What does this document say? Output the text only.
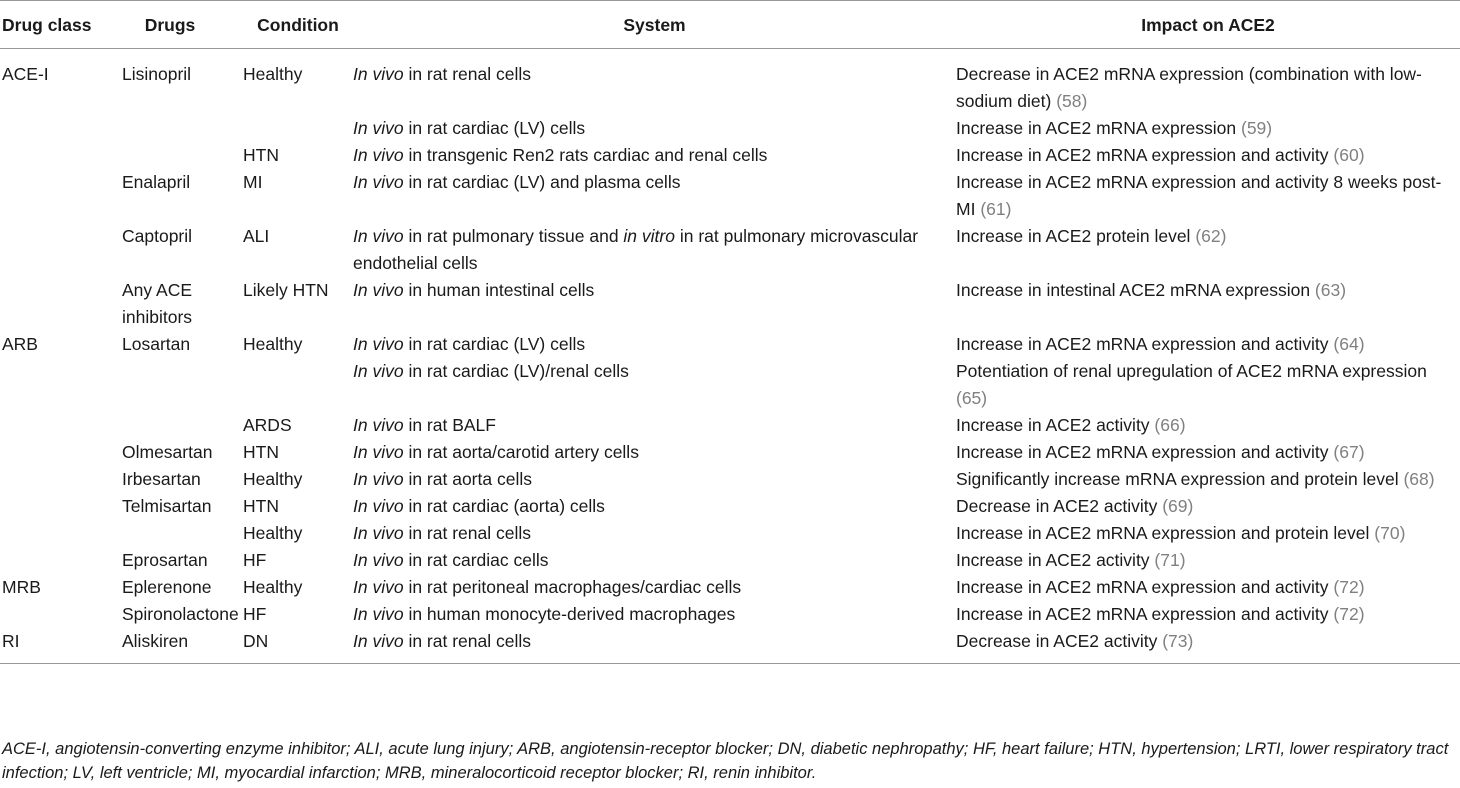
Drug class	Drugs	Condition	System	Impact on ACE2
ACE-I	Lisinopril	Healthy	In vivo in rat renal cells	Decrease in ACE2 mRNA expression (combination with low-sodium diet) (58)
			In vivo in rat cardiac (LV) cells	Increase in ACE2 mRNA expression (59)
		HTN	In vivo in transgenic Ren2 rats cardiac and renal cells	Increase in ACE2 mRNA expression and activity (60)
	Enalapril	MI	In vivo in rat cardiac (LV) and plasma cells	Increase in ACE2 mRNA expression and activity 8 weeks post-MI (61)
	Captopril	ALI	In vivo in rat pulmonary tissue and in vitro in rat pulmonary microvascular endothelial cells	Increase in ACE2 protein level (62)
	Any ACE inhibitors	Likely HTN	In vivo in human intestinal cells	Increase in intestinal ACE2 mRNA expression (63)
ARB	Losartan	Healthy	In vivo in rat cardiac (LV) cells	Increase in ACE2 mRNA expression and activity (64)
			In vivo in rat cardiac (LV)/renal cells	Potentiation of renal upregulation of ACE2 mRNA expression (65)
		ARDS	In vivo in rat BALF	Increase in ACE2 activity (66)
	Olmesartan	HTN	In vivo in rat aorta/carotid artery cells	Increase in ACE2 mRNA expression and activity (67)
	Irbesartan	Healthy	In vivo in rat aorta cells	Significantly increase mRNA expression and protein level (68)
	Telmisartan	HTN	In vivo in rat cardiac (aorta) cells	Decrease in ACE2 activity (69)
		Healthy	In vivo in rat renal cells	Increase in ACE2 mRNA expression and protein level (70)
	Eprosartan	HF	In vivo in rat cardiac cells	Increase in ACE2 activity (71)
MRB	Eplerenone	Healthy	In vivo in rat peritoneal macrophages/cardiac cells	Increase in ACE2 mRNA expression and activity (72)
	Spironolactone	HF	In vivo in human monocyte-derived macrophages	Increase in ACE2 mRNA expression and activity (72)
RI	Aliskiren	DN	In vivo in rat renal cells	Decrease in ACE2 activity (73)
ACE-I, angiotensin-converting enzyme inhibitor; ALI, acute lung injury; ARB, angiotensin-receptor blocker; DN, diabetic nephropathy; HF, heart failure; HTN, hypertension; LRTI, lower respiratory tract infection; LV, left ventricle; MI, myocardial infarction; MRB, mineralocorticoid receptor blocker; RI, renin inhibitor.
